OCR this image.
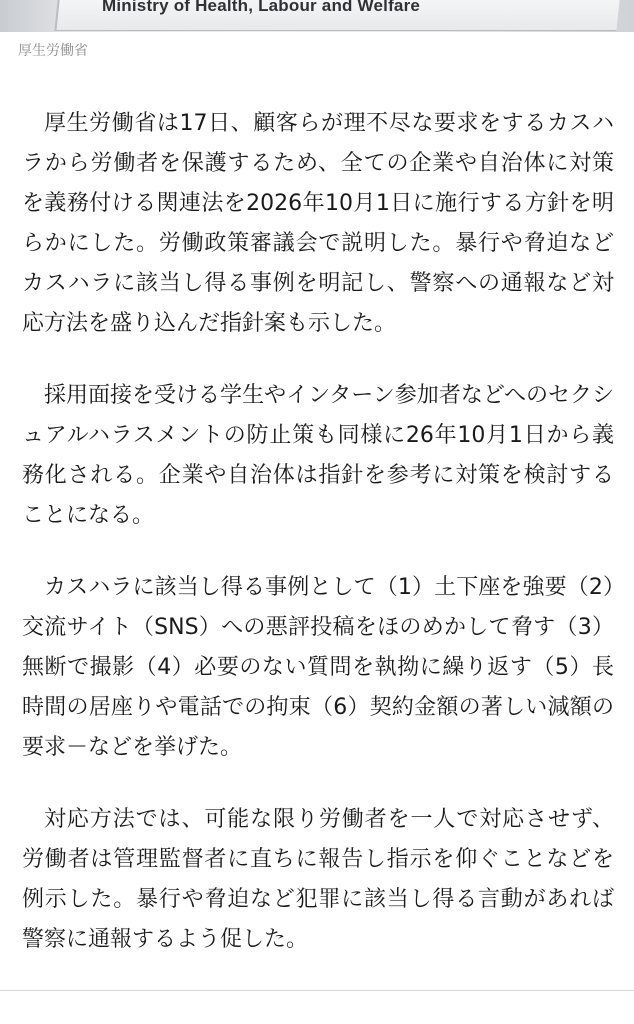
Ministry of Health, Labour and Welfare
厚生労働省

厚生労働省は17日、顧客らが理不尽な要求をするカスハラから労働者を保護するため、全ての企業や自治体に対策を義務付ける関連法を2026年10月1日に施行する方針を明らかにした。労働政策審議会で説明した。暴行や脅迫などカスハラに該当し得る事例を明記し、警察への通報など対応方法を盛り込んだ指針案も示した。

採用面接を受ける学生やインターン参加者などへのセクシュアルハラスメントの防止策も同様に26年10月1日から義務化される。企業や自治体は指針を参考に対策を検討することになる。

カスハラに該当し得る事例として（1）土下座を強要（2）交流サイト（SNS）への悪評投稿をほのめかして脅す（3）無断で撮影（4）必要のない質問を執拗に繰り返す（5）長時間の居座りや電話での拘束（6）契約金額の著しい減額の要求－などを挙げた。

対応方法では、可能な限り労働者を一人で対応させず、労働者は管理監督者に直ちに報告し指示を仰ぐことなどを例示した。暴行や脅迫など犯罪に該当し得る言動があれば警察に通報するよう促した。
